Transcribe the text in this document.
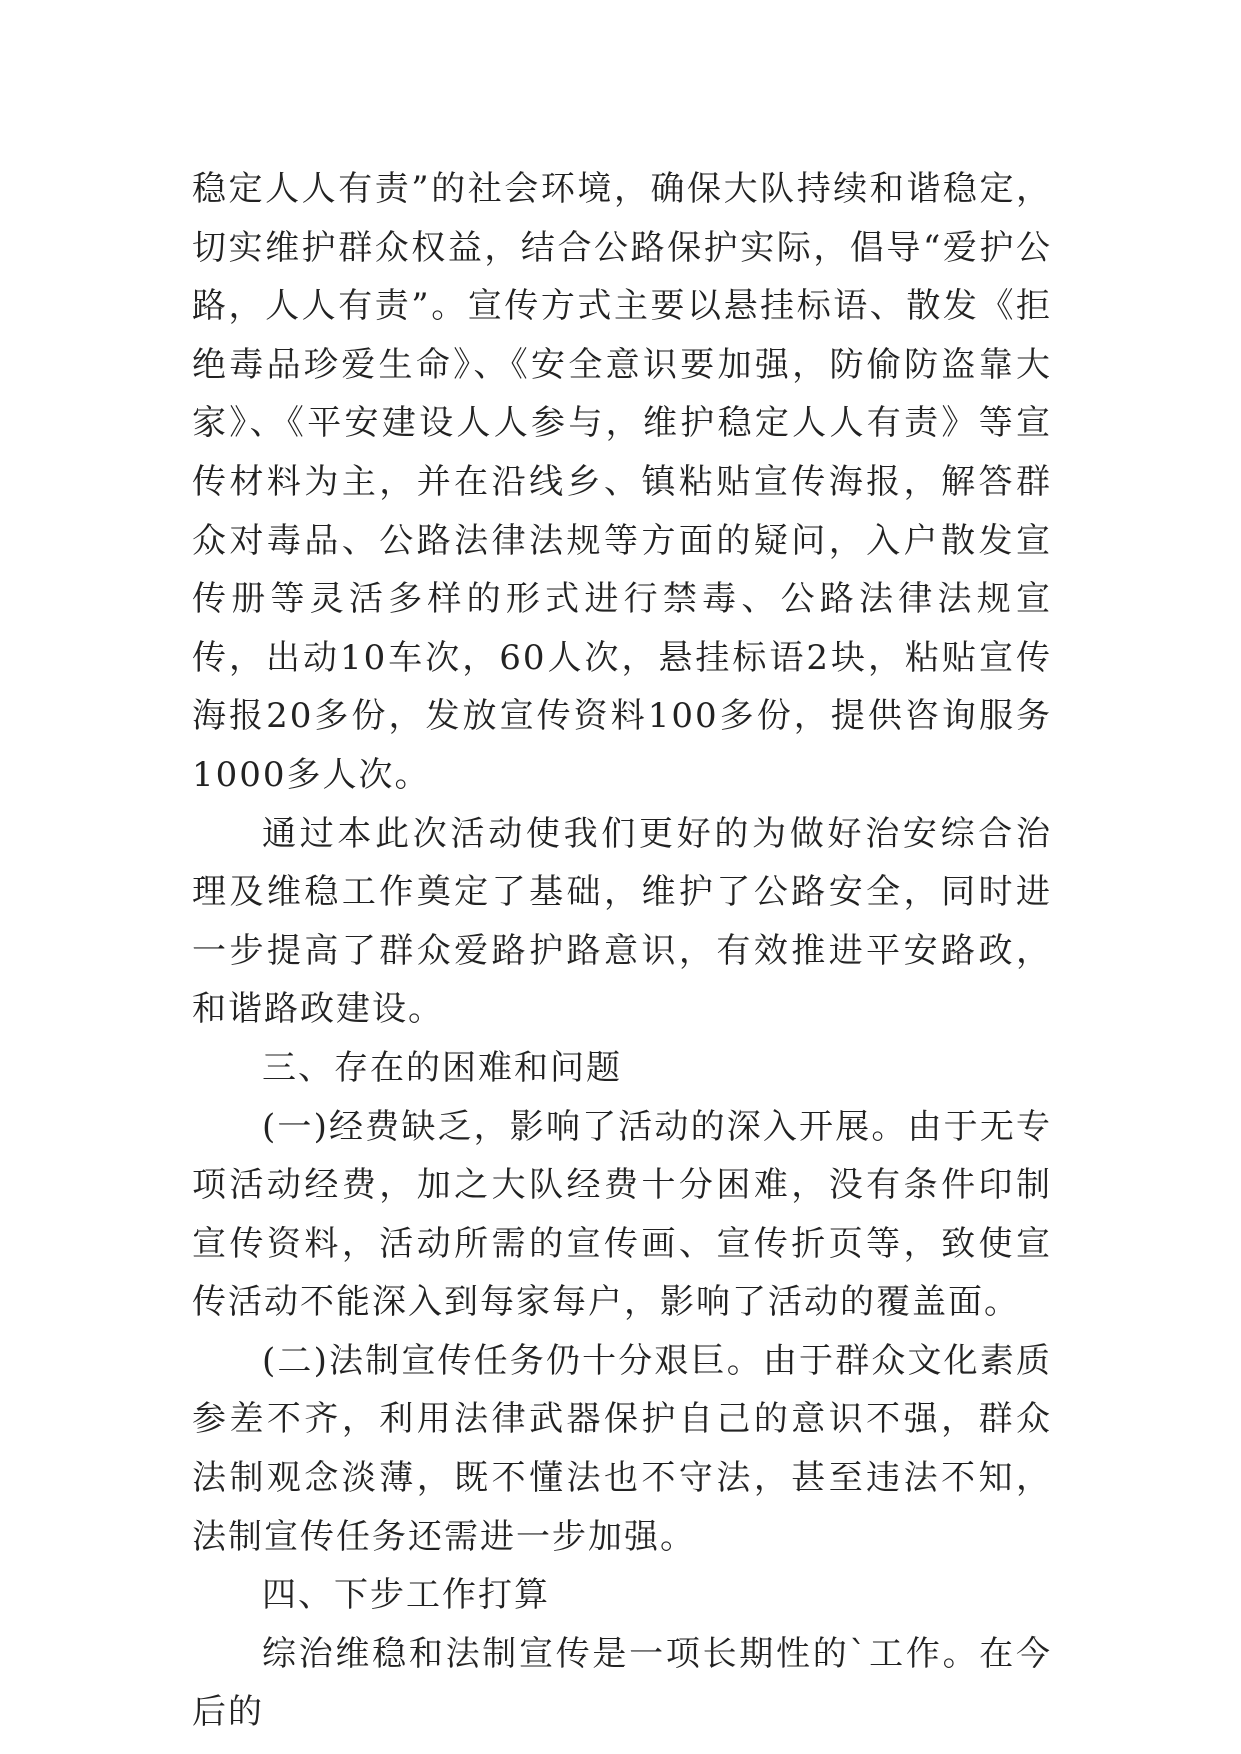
稳定人人有责”的社会环境，确保大队持续和谐稳定，切实维护群众权益，结合公路保护实际，倡导“爱护公路，人人有责”。宣传方式主要以悬挂标语、散发《拒绝毒品珍爱生命》、《安全意识要加强，防偷防盗靠大家》、《平安建设人人参与，维护稳定人人有责》等宣传材料为主，并在沿线乡、镇粘贴宣传海报，解答群众对毒品、公路法律法规等方面的疑问，入户散发宣传册等灵活多样的形式进行禁毒、公路法律法规宣传，出动10车次，60人次，悬挂标语2块，粘贴宣传海报20多份，发放宣传资料100多份，提供咨询服务1000多人次。

通过本此次活动使我们更好的为做好治安综合治理及维稳工作奠定了基础，维护了公路安全，同时进一步提高了群众爱路护路意识，有效推进平安路政，和谐路政建设。

三、存在的困难和问题

(一)经费缺乏，影响了活动的深入开展。由于无专项活动经费，加之大队经费十分困难，没有条件印制宣传资料，活动所需的宣传画、宣传折页等，致使宣传活动不能深入到每家每户，影响了活动的覆盖面。

(二)法制宣传任务仍十分艰巨。由于群众文化素质参差不齐，利用法律武器保护自己的意识不强，群众法制观念淡薄，既不懂法也不守法，甚至违法不知，法制宣传任务还需进一步加强。

四、下步工作打算

综治维稳和法制宣传是一项长期性的`工作。在今后的
